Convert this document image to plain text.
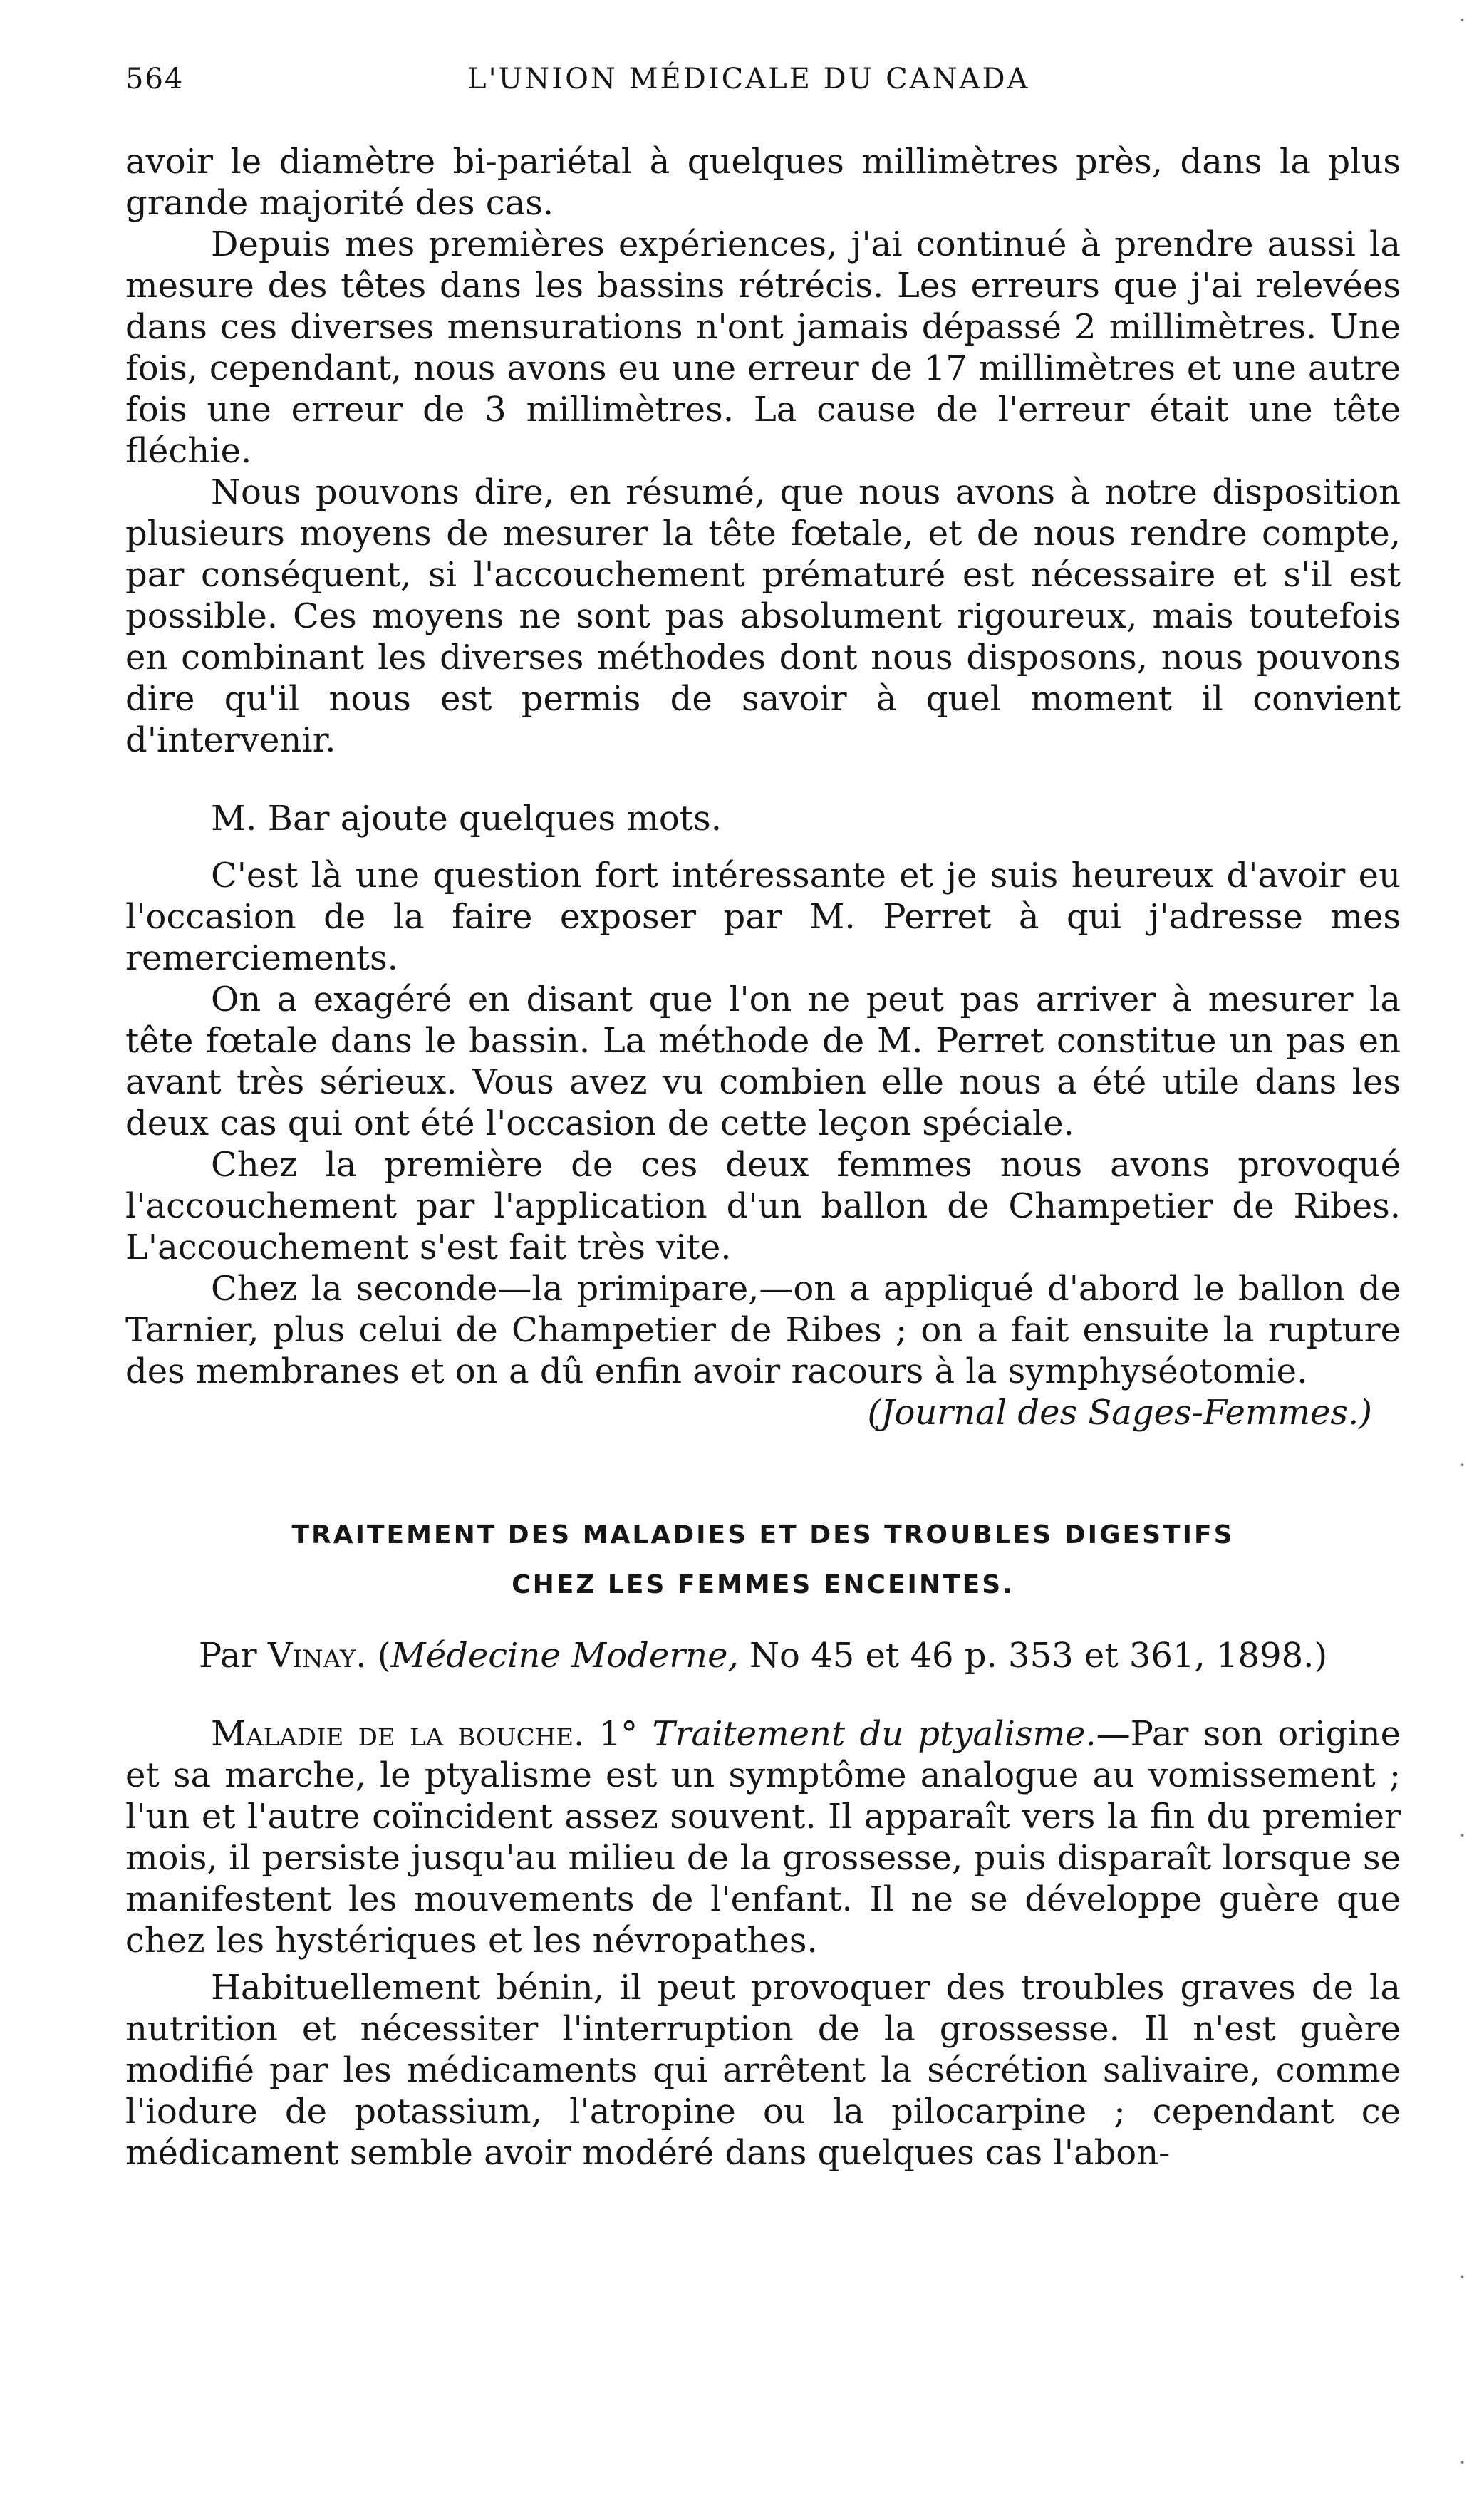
564	L'UNION MÉDICALE DU CANADA

avoir le diamètre bi-pariétal à quelques millimètres près, dans la plus grande majorité des cas.

Depuis mes premières expériences, j'ai continué à prendre aussi la mesure des têtes dans les bassins rétrécis. Les erreurs que j'ai relevées dans ces diverses mensurations n'ont jamais dépassé 2 millimètres. Une fois, cependant, nous avons eu une erreur de 17 millimètres et une autre fois une erreur de 3 millimètres. La cause de l'erreur était une tête fléchie.

Nous pouvons dire, en résumé, que nous avons à notre disposition plusieurs moyens de mesurer la tête fœtale, et de nous rendre compte, par conséquent, si l'accouchement prématuré est nécessaire et s'il est possible. Ces moyens ne sont pas absolument rigoureux, mais toutefois en combinant les diverses méthodes dont nous disposons, nous pouvons dire qu'il nous est permis de savoir à quel moment il convient d'intervenir.

M. Bar ajoute quelques mots.

C'est là une question fort intéressante et je suis heureux d'avoir eu l'occasion de la faire exposer par M. Perret à qui j'adresse mes remerciements.

On a exagéré en disant que l'on ne peut pas arriver à mesurer la tête fœtale dans le bassin. La méthode de M. Perret constitue un pas en avant très sérieux. Vous avez vu combien elle nous a été utile dans les deux cas qui ont été l'occasion de cette leçon spéciale.

Chez la première de ces deux femmes nous avons provoqué l'accouchement par l'application d'un ballon de Champetier de Ribes. L'accouchement s'est fait très vite.

Chez la seconde—la primipare,—on a appliqué d'abord le ballon de Tarnier, plus celui de Champetier de Ribes ; on a fait ensuite la rupture des membranes et on a dû enfin avoir racours à la symphyséotomie.

(Journal des Sages-Femmes.)

TRAITEMENT DES MALADIES ET DES TROUBLES DIGESTIFS
CHEZ LES FEMMES ENCEINTES.
Par Vinay. (Médecine Moderne, No 45 et 46 p. 353 et 361, 1898.)

Maladie de la bouche. 1° Traitement du ptyalisme.—Par son origine et sa marche, le ptyalisme est un symptôme analogue au vomissement ; l'un et l'autre coïncident assez souvent. Il apparaît vers la fin du premier mois, il persiste jusqu'au milieu de la grossesse, puis disparaît lorsque se manifestent les mouvements de l'enfant. Il ne se développe guère que chez les hystériques et les névropathes.

Habituellement bénin, il peut provoquer des troubles graves de la nutrition et nécessiter l'interruption de la grossesse. Il n'est guère modifié par les médicaments qui arrêtent la sécrétion salivaire, comme l'iodure de potassium, l'atropine ou la pilocarpine ; cependant ce médicament semble avoir modéré dans quelques cas l'abon-

·
·
·
·
·
